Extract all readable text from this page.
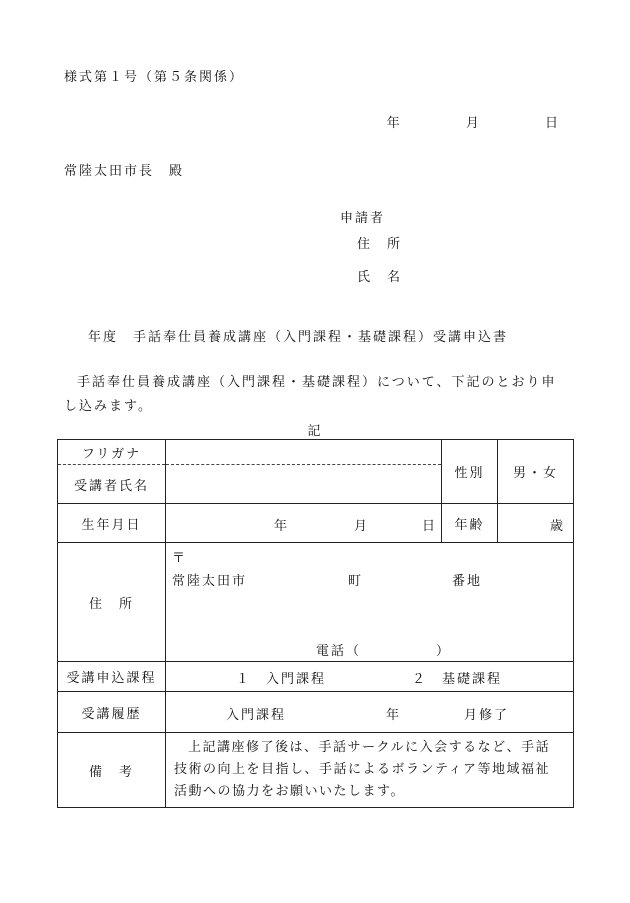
様式第１号（第５条関係）
年	月	日
常陸太田市長　殿
申請者
住　所
氏　名
年度　手話奉仕員養成講座（入門課程・基礎課程）受講申込書
手話奉仕員養成講座（入門課程・基礎課程）について、下記のとおり申し込みます。
記
フリガナ		性別	男・女
受講者氏名			
生年月日	年 月 日	年齢	歳

住　所	〒
常陸太田市 町 番地
電話（　　　　　）		

受講申込課程	１　入門課程 ２　基礎課程		

受講履歴	入門課程 年 月修了		

備　考	上記講座修了後は、手話サークルに入会するなど、手話技術の向上を目指し、手話によるボランティア等地域福祉活動への協力をお願いいたします。		
